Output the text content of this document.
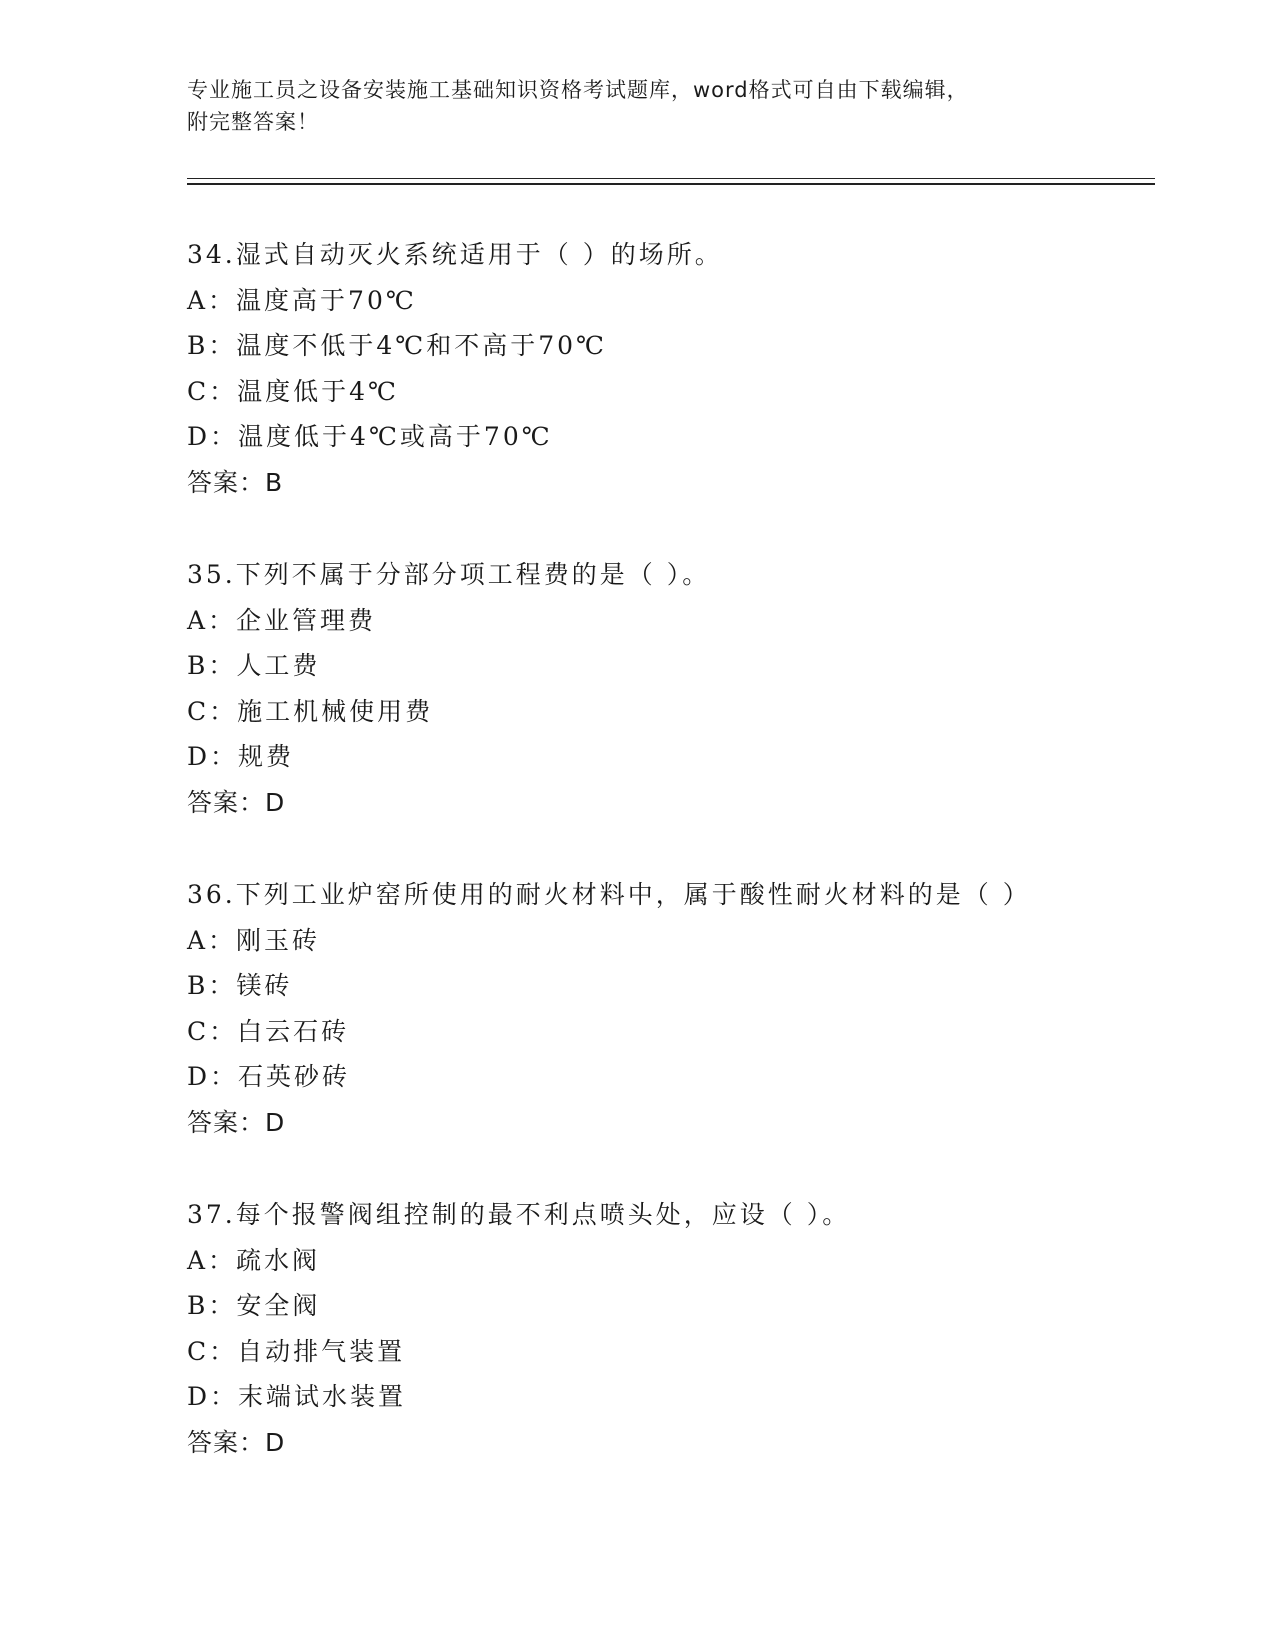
专业施工员之设备安装施工基础知识资格考试题库，word格式可自由下载编辑，
附完整答案！
34.湿式自动灭火系统适用于（ ）的场所。
A：温度高于70℃
B：温度不低于4℃和不高于70℃
C：温度低于4℃
D：温度低于4℃或高于70℃
答案：B
35.下列不属于分部分项工程费的是（ ）。
A：企业管理费
B：人工费
C：施工机械使用费
D：规费
答案：D
36.下列工业炉窑所使用的耐火材料中，属于酸性耐火材料的是（ ）
A：刚玉砖
B：镁砖
C：白云石砖
D：石英砂砖
答案：D
37.每个报警阀组控制的最不利点喷头处，应设（ ）。
A：疏水阀
B：安全阀
C：自动排气装置
D：末端试水装置
答案：D
